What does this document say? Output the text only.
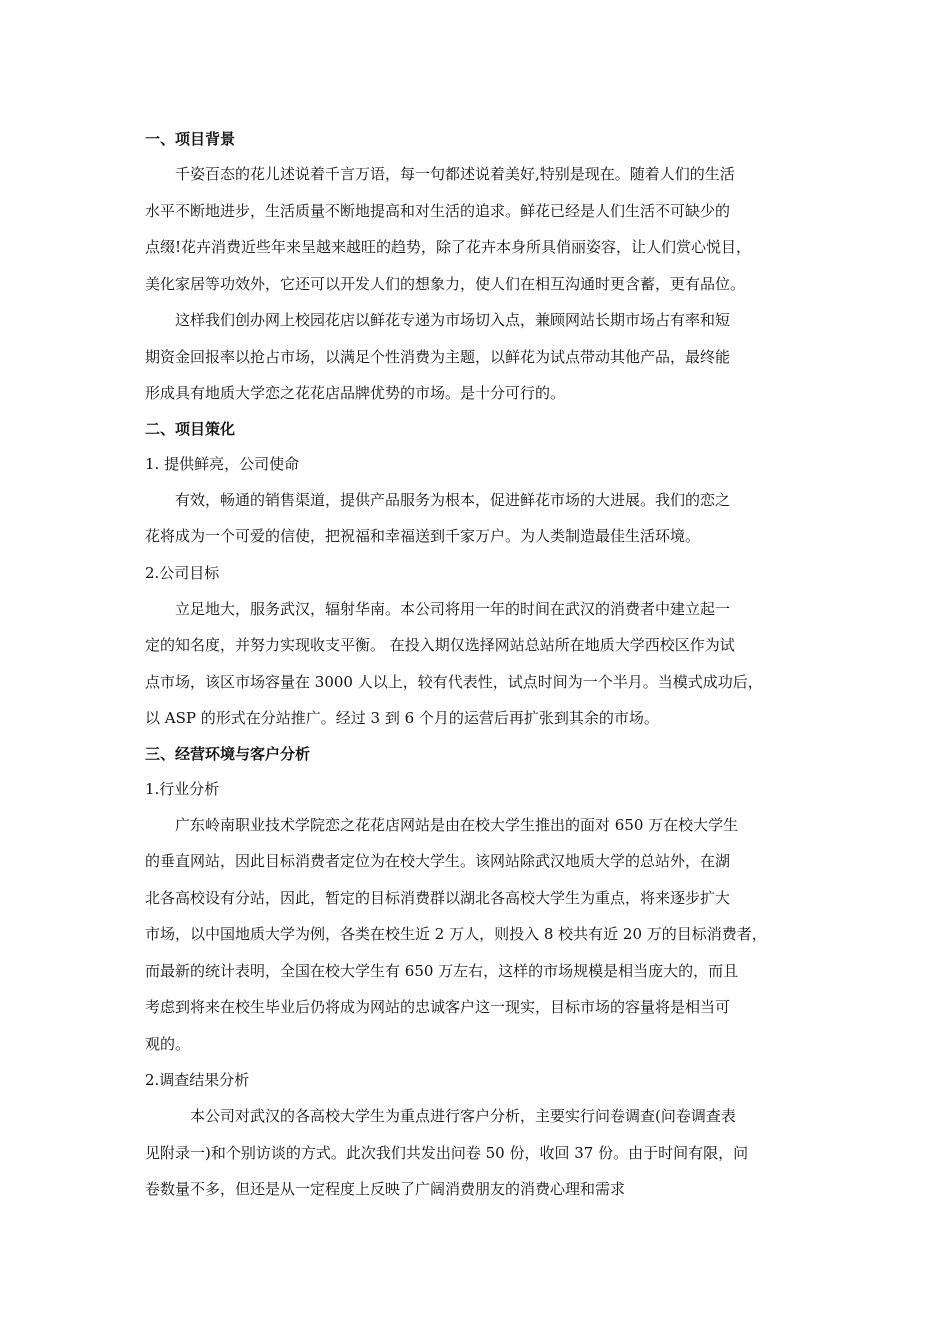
一、项目背景
千姿百态的花儿述说着千言万语，每一句都述说着美好,特别是现在。随着人们的生活
水平不断地进步，生活质量不断地提高和对生活的追求。鲜花已经是人们生活不可缺少的
点缀!花卉消费近些年来呈越来越旺的趋势，除了花卉本身所具俏丽姿容，让人们赏心悦目，
美化家居等功效外，它还可以开发人们的想象力，使人们在相互沟通时更含蓄，更有品位。
这样我们创办网上校园花店以鲜花专递为市场切入点，兼顾网站长期市场占有率和短
期资金回报率以抢占市场，以满足个性消费为主题，以鲜花为试点带动其他产品，最终能
形成具有地质大学恋之花花店品牌优势的市场。是十分可行的。
二、项目策化
1. 提供鲜亮，公司使命
有效，畅通的销售渠道，提供产品服务为根本，促进鲜花市场的大进展。我们的恋之
花将成为一个可爱的信使，把祝福和幸福送到千家万户。为人类制造最佳生活环境。
2.公司目标
立足地大，服务武汉，辐射华南。本公司将用一年的时间在武汉的消费者中建立起一
定的知名度，并努力实现收支平衡。 在投入期仅选择网站总站所在地质大学西校区作为试
点市场，该区市场容量在 3000 人以上，较有代表性，试点时间为一个半月。当模式成功后，
以 ASP 的形式在分站推广。经过 3 到 6 个月的运营后再扩张到其余的市场。
三、经营环境与客户分析
1.行业分析
广东岭南职业技术学院恋之花花店网站是由在校大学生推出的面对 650 万在校大学生
的垂直网站，因此目标消费者定位为在校大学生。该网站除武汉地质大学的总站外，在湖
北各高校设有分站，因此，暂定的目标消费群以湖北各高校大学生为重点，将来逐步扩大
市场，以中国地质大学为例，各类在校生近 2 万人，则投入 8 校共有近 20 万的目标消费者，
而最新的统计表明，全国在校大学生有 650 万左右，这样的市场规模是相当庞大的，而且
考虑到将来在校生毕业后仍将成为网站的忠诚客户这一现实，目标市场的容量将是相当可
观的。
2.调查结果分析
本公司对武汉的各高校大学生为重点进行客户分析，主要实行问卷调查(问卷调查表
见附录一)和个别访谈的方式。此次我们共发出问卷 50 份，收回 37 份。由于时间有限，问
卷数量不多，但还是从一定程度上反映了广阔消费朋友的消费心理和需求
